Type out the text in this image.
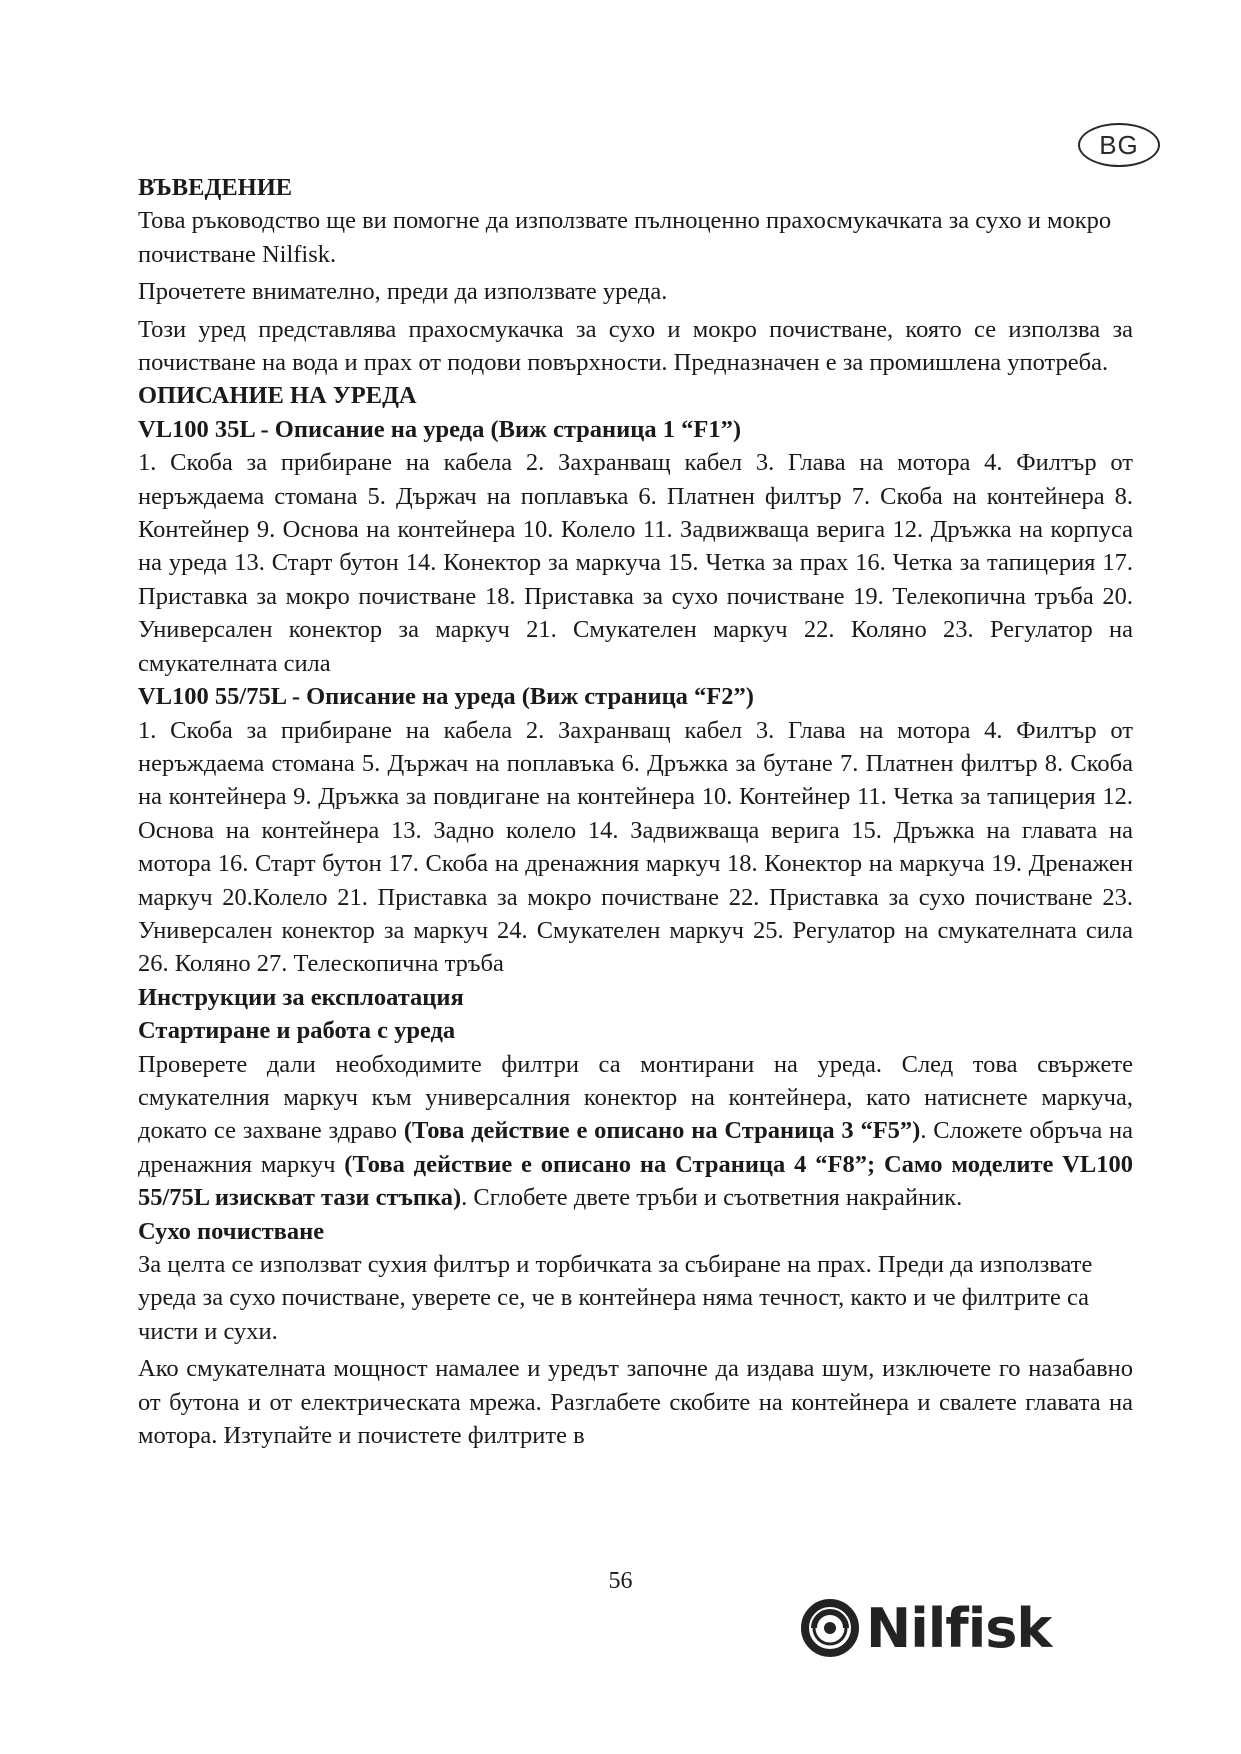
BG

ВЪВЕДЕНИЕ

Това ръководство ще ви помогне да използвате пълноценно прахосмукачката за сухо и мокро почистване Nilfisk.

Прочетете внимателно, преди да използвате уреда.

Този уред представлява прахосмукачка за сухо и мокро почистване, която се използва за почистване на вода и прах от подови повърхности. Предназначен е за промишлена употреба.

ОПИСАНИЕ НА УРЕДА

VL100 35L - Описание на уреда (Виж страница 1 “F1”)

1. Скоба за прибиране на кабела 2. Захранващ кабел 3. Глава на мотора 4. Филтър от неръждаема стомана 5. Държач на поплавъка 6. Платнен филтър 7. Скоба на контейнера 8. Контейнер 9. Основа на контейнера 10. Колело 11. Задвижваща верига 12. Дръжка на корпуса на уреда 13. Старт бутон 14. Конектор за маркуча 15. Четка за прах 16. Четка за тапицерия 17. Приставка за мокро почистване 18. Приставка за сухо почистване 19. Телекопична тръба 20. Универсален конектор за маркуч 21. Смукателен маркуч 22. Коляно 23. Регулатор на смукателната сила

VL100 55/75L - Описание на уреда (Виж страница “F2”)

1. Скоба за прибиране на кабела 2. Захранващ кабел 3. Глава на мотора 4. Филтър от неръждаема стомана 5. Държач на поплавъка 6. Дръжка за бутане 7. Платнен филтър 8. Скоба на контейнера 9. Дръжка за повдигане на контейнера 10. Контейнер 11. Четка за тапицерия 12. Основа на контейнера 13. Задно колело 14. Задвижваща верига 15. Дръжка на главата на мотора 16. Старт бутон 17. Скоба на дренажния маркуч 18. Конектор на маркуча 19. Дренажен маркуч 20.Колело 21. Приставка за мокро почистване 22. Приставка за сухо почистване 23. Универсален конектор за маркуч 24. Смукателен маркуч 25. Регулатор на смукателната сила 26. Коляно 27. Телескопична тръба

Инструкции за експлоатация

Стартиране и работа с уреда

Проверете дали необходимите филтри са монтирани на уреда. След това свържете смукателния маркуч към универсалния конектор на контейнера, като натиснете маркуча, докато се захване здраво (Това действие е описано на Страница 3 “F5”). Сложете обръча на дренажния маркуч (Това действие е описано на Страница 4 “F8”; Само моделите VL100 55/75L изискват тази стъпка). Сглобете двете тръби и съответния накрайник.

Сухо почистване

За целта се използват сухия филтър и торбичката за събиране на прах. Преди да използвате уреда за сухо почистване, уверете се, че в контейнера няма течност, както и че филтрите са чисти и сухи.

Ако смукателната мощност намалее и уредът започне да издава шум, изключете го назабавно от бутона и от електрическата мрежа. Разглабете скобите на контейнера и свалете главата на мотора. Изтупайте и почистете филтрите в

56
Nilfisk
